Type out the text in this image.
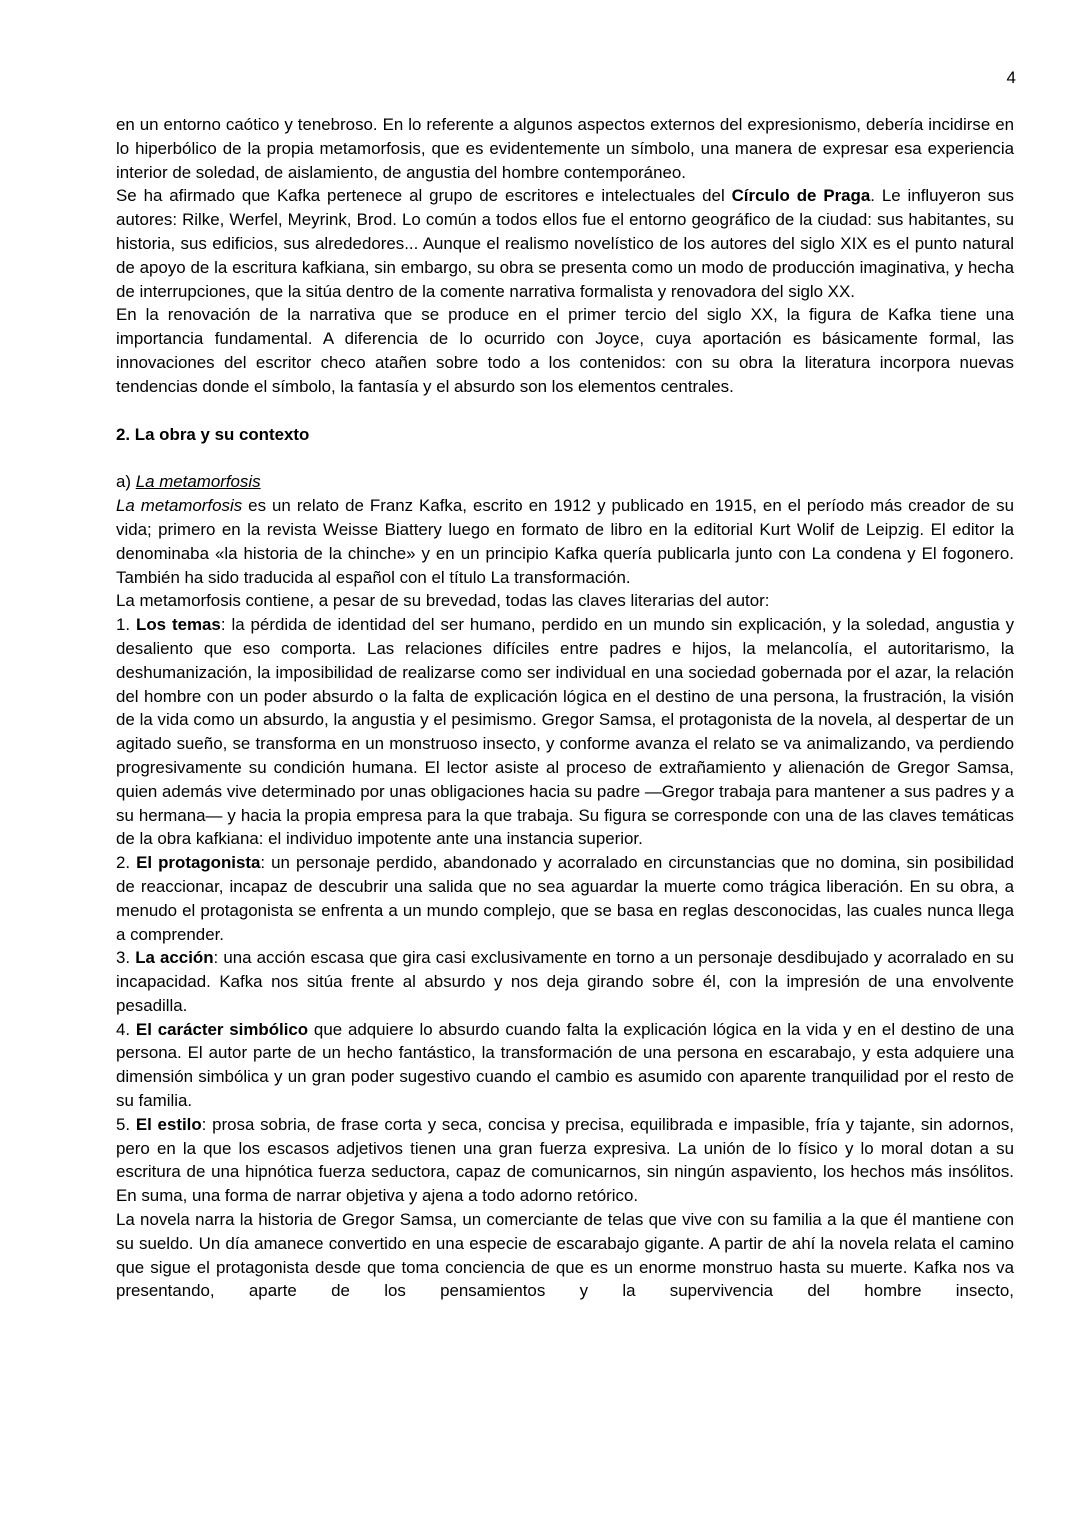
4

en un entorno caótico y tenebroso. En lo referente a algunos aspectos externos del expresionismo, debería incidirse en lo hiperbólico de la propia metamorfosis, que es evidentemente un símbolo, una manera de expresar esa experiencia interior de soledad, de aislamiento, de angustia del hombre contemporáneo.

Se ha afirmado que Kafka pertenece al grupo de escritores e intelectuales del Círculo de Praga. Le influyeron sus autores: Rilke, Werfel, Meyrink, Brod. Lo común a todos ellos fue el entorno geográfico de la ciudad: sus habitantes, su historia, sus edificios, sus alrededores... Aunque el realismo novelístico de los autores del siglo XIX es el punto natural de apoyo de la escritura kafkiana, sin embargo, su obra se presenta como un modo de producción imaginativa, y hecha de interrupciones, que la sitúa dentro de la comente narrativa formalista y renovadora del siglo XX.

En la renovación de la narrativa que se produce en el primer tercio del siglo XX, la figura de Kafka tiene una importancia fundamental. A diferencia de lo ocurrido con Joyce, cuya aportación es básicamente formal, las innovaciones del escritor checo atañen sobre todo a los contenidos: con su obra la literatura incorpora nuevas tendencias donde el símbolo, la fantasía y el absurdo son los elementos centrales.

2. La obra y su contexto

a) La metamorfosis

La metamorfosis es un relato de Franz Kafka, escrito en 1912 y publicado en 1915, en el período más creador de su vida; primero en la revista Weisse Biattery luego en formato de libro en la editorial Kurt Wolif de Leipzig. El editor la denominaba «la historia de la chinche» y en un principio Kafka quería publicarla junto con La condena y El fogonero. También ha sido traducida al español con el título La transformación.

La metamorfosis contiene, a pesar de su brevedad, todas las claves literarias del autor:

1. Los temas: la pérdida de identidad del ser humano, perdido en un mundo sin explicación, y la soledad, angustia y desaliento que eso comporta. Las relaciones difíciles entre padres e hijos, la melancolía, el autoritarismo, la deshumanización, la imposibilidad de realizarse como ser individual en una sociedad gobernada por el azar, la relación del hombre con un poder absurdo o la falta de explicación lógica en el destino de una persona, la frustración, la visión de la vida como un absurdo, la angustia y el pesimismo. Gregor Samsa, el protagonista de la novela, al despertar de un agitado sueño, se transforma en un monstruoso insecto, y conforme avanza el relato se va animalizando, va perdiendo progresivamente su condición humana. El lector asiste al proceso de extrañamiento y alienación de Gregor Samsa, quien además vive determinado por unas obligaciones hacia su padre —Gregor trabaja para mantener a sus padres y a su hermana— y hacia la propia empresa para la que trabaja. Su figura se corresponde con una de las claves temáticas de la obra kafkiana: el individuo impotente ante una instancia superior.

2. El protagonista: un personaje perdido, abandonado y acorralado en circunstancias que no domina, sin posibilidad de reaccionar, incapaz de descubrir una salida que no sea aguardar la muerte como trágica liberación. En su obra, a menudo el protagonista se enfrenta a un mundo complejo, que se basa en reglas desconocidas, las cuales nunca llega a comprender.

3. La acción: una acción escasa que gira casi exclusivamente en torno a un personaje desdibujado y acorralado en su incapacidad. Kafka nos sitúa frente al absurdo y nos deja girando sobre él, con la impresión de una envolvente pesadilla.

4. El carácter simbólico que adquiere lo absurdo cuando falta la explicación lógica en la vida y en el destino de una persona. El autor parte de un hecho fantástico, la transformación de una persona en escarabajo, y esta adquiere una dimensión simbólica y un gran poder sugestivo cuando el cambio es asumido con aparente tranquilidad por el resto de su familia.

5. El estilo: prosa sobria, de frase corta y seca, concisa y precisa, equilibrada e impasible, fría y tajante, sin adornos, pero en la que los escasos adjetivos tienen una gran fuerza expresiva. La unión de lo físico y lo moral dotan a su escritura de una hipnótica fuerza seductora, capaz de comunicarnos, sin ningún aspaviento, los hechos más insólitos. En suma, una forma de narrar objetiva y ajena a todo adorno retórico.

La novela narra la historia de Gregor Samsa, un comerciante de telas que vive con su familia a la que él mantiene con su sueldo. Un día amanece convertido en una especie de escarabajo gigante. A partir de ahí la novela relata el camino que sigue el protagonista desde que toma conciencia de que es un enorme monstruo hasta su muerte. Kafka nos va presentando, aparte de los pensamientos y la supervivencia del hombre insecto,
